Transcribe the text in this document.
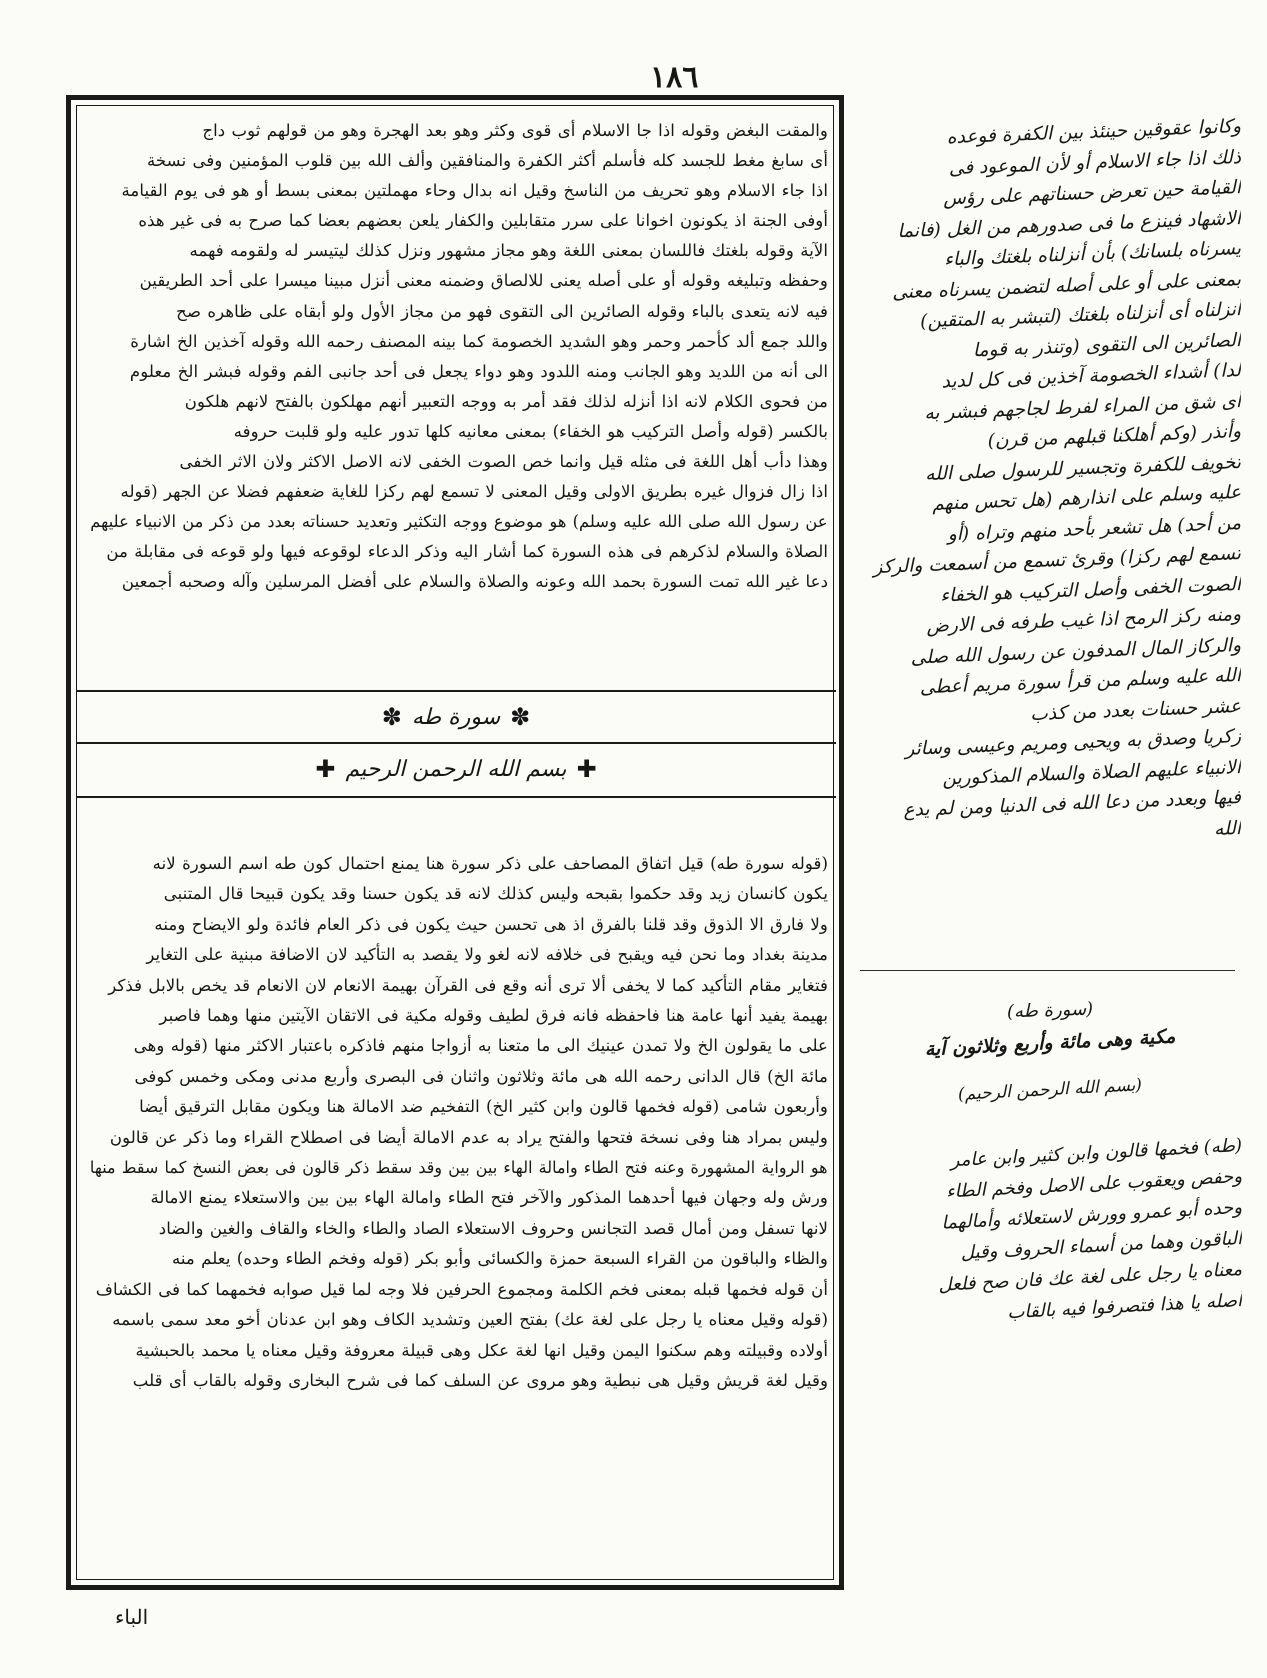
١٨٦
والمقت البغض وقوله اذا جا الاسلام أى قوى وكثر وهو بعد الهجرة وهو من قولهم ثوب داج
أى سابغ مغط للجسد كله فأسلم أكثر الكفرة والمنافقين وألف الله بين قلوب المؤمنين وفى نسخة
اذا جاء الاسلام وهو تحريف من الناسخ وقيل انه بدال وحاء مهملتين بمعنى بسط أو هو فى يوم القيامة
أوفى الجنة اذ يكونون اخوانا على سرر متقابلين والكفار يلعن بعضهم بعضا كما صرح به فى غير هذه
الآية وقوله بلغتك فاللسان بمعنى اللغة وهو مجاز مشهور ونزل كذلك ليتيسر له ولقومه فهمه
وحفظه وتبليغه وقوله أو على أصله يعنى للالصاق وضمنه معنى أنزل مبينا ميسرا على أحد الطريقين
فيه لانه يتعدى بالباء وقوله الصائرين الى التقوى فهو من مجاز الأول ولو أبقاه على ظاهره صح
واللد جمع ألد كأحمر وحمر وهو الشديد الخصومة كما بينه المصنف رحمه الله وقوله آخذين الخ اشارة
الى أنه من اللديد وهو الجانب ومنه اللدود وهو دواء يجعل فى أحد جانبى الفم وقوله فبشر الخ معلوم
من فحوى الكلام لانه اذا أنزله لذلك فقد أمر به ووجه التعبير أنهم مهلكون بالفتح لانهم هلكون
بالكسر (قوله وأصل التركيب هو الخفاء) بمعنى معانيه كلها تدور عليه ولو قلبت حروفه
وهذا دأب أهل اللغة فى مثله قيل وانما خص الصوت الخفى لانه الاصل الاكثر ولان الاثر الخفى
اذا زال فزوال غيره بطريق الاولى وقيل المعنى لا تسمع لهم ركزا للغاية ضعفهم فضلا عن الجهر (قوله
عن رسول الله صلى الله عليه وسلم) هو موضوع ووجه التكثير وتعديد حسناته بعدد من ذكر من الانبياء عليهم
الصلاة والسلام لذكرهم فى هذه السورة كما أشار اليه وذكر الدعاء لوقوعه فيها ولو قوعه فى مقابلة من
دعا غير الله تمت السورة بحمد الله وعونه والصلاة والسلام على أفضل المرسلين وآله وصحبه أجمعين
✽
سورة طه
✽
✚
بسم الله الرحمن الرحيم
✚
(قوله سورة طه) قيل اتفاق المصاحف على ذكر سورة هنا يمنع احتمال كون طه اسم السورة لانه
يكون كانسان زيد وقد حكموا بقبحه وليس كذلك لانه قد يكون حسنا وقد يكون قبيحا قال المتنبى
ولا فارق الا الذوق وقد قلنا بالفرق اذ هى تحسن حيث يكون فى ذكر العام فائدة ولو الايضاح ومنه
مدينة بغداد وما نحن فيه ويقبح فى خلافه لانه لغو ولا يقصد به التأكيد لان الاضافة مبنية على التغاير
فتغاير مقام التأكيد كما لا يخفى ألا ترى أنه وقع فى القرآن بهيمة الانعام لان الانعام قد يخص بالابل فذكر
بهيمة يفيد أنها عامة هنا فاحفظه فانه فرق لطيف وقوله مكية فى الاتقان الآيتين منها وهما فاصبر
على ما يقولون الخ ولا تمدن عينيك الى ما متعنا به أزواجا منهم فاذكره باعتبار الاكثر منها (قوله وهى
مائة الخ) قال الدانى رحمه الله هى مائة وثلاثون واثنان فى البصرى وأربع مدنى ومكى وخمس كوفى
وأربعون شامى (قوله فخمها قالون وابن كثير الخ) التفخيم ضد الامالة هنا ويكون مقابل الترقيق أيضا
وليس بمراد هنا وفى نسخة فتحها والفتح يراد به عدم الامالة أيضا فى اصطلاح القراء وما ذكر عن قالون
هو الرواية المشهورة وعنه فتح الطاء وامالة الهاء بين بين وقد سقط ذكر قالون فى بعض النسخ كما سقط منها
ورش وله وجهان فيها أحدهما المذكور والآخر فتح الطاء وامالة الهاء بين بين والاستعلاء يمنع الامالة
لانها تسفل ومن أمال قصد التجانس وحروف الاستعلاء الصاد والطاء والخاء والقاف والغين والضاد
والظاء والباقون من القراء السبعة حمزة والكسائى وأبو بكر (قوله وفخم الطاء وحده) يعلم منه
أن قوله فخمها قبله بمعنى فخم الكلمة ومجموع الحرفين فلا وجه لما قيل صوابه فخمهما كما فى الكشاف
(قوله وقيل معناه يا رجل على لغة عك) بفتح العين وتشديد الكاف وهو ابن عدنان أخو معد سمى باسمه
أولاده وقبيلته وهم سكنوا اليمن وقيل انها لغة عكل وهى قبيلة معروفة وقيل معناه يا محمد بالحبشية
وقيل لغة قريش وقيل هى نبطية وهو مروى عن السلف كما فى شرح البخارى وقوله بالقاب أى قلب
وكانوا عقوقين حينئذ بين الكفرة فوعده
ذلك اذا جاء الاسلام أو لأن الموعود فى
القيامة حين تعرض حسناتهم على رؤس
الاشهاد فينزع ما فى صدورهم من الغل (فانما
يسرناه بلسانك) بأن أنزلناه بلغتك والباء
بمعنى على أو على أصله لتضمن يسرناه معنى
أنزلناه أى أنزلناه بلغتك (لتبشر به المتقين)
الصائرين الى التقوى (وتنذر به قوما
لدا) أشداء الخصومة آخذين فى كل لديد
أى شق من المراء لفرط لجاجهم فبشر به
وأنذر (وكم أهلكنا قبلهم من قرن)
تخويف للكفرة وتجسير للرسول صلى الله
عليه وسلم على انذارهم (هل تحس منهم
من أحد) هل تشعر بأحد منهم وتراه (أو
تسمع لهم ركزا) وقرئ تسمع من أسمعت والركز
الصوت الخفى وأصل التركيب هو الخفاء
ومنه ركز الرمح اذا غيب طرفه فى الارض
والركاز المال المدفون عن رسول الله صلى
الله عليه وسلم من قرأ سورة مريم أعطى
عشر حسنات بعدد من كذب
زكريا وصدق به ويحيى ومريم وعيسى وسائر
الانبياء عليهم الصلاة والسلام المذكورين
فيها وبعدد من دعا الله فى الدنيا ومن لم يدع
الله
(سورة طه)
مكية وهى مائة وأربع وثلاثون آية
(بسم الله الرحمن الرحيم)
(طه) فخمها قالون وابن كثير وابن عامر
وحفص ويعقوب على الاصل وفخم الطاء
وحده أبو عمرو وورش لاستعلائه وأمالهما
الباقون وهما من أسماء الحروف وقيل
معناه يا رجل على لغة عك فان صح فلعل
أصله يا هذا فتصرفوا فيه بالقاب
الباء
